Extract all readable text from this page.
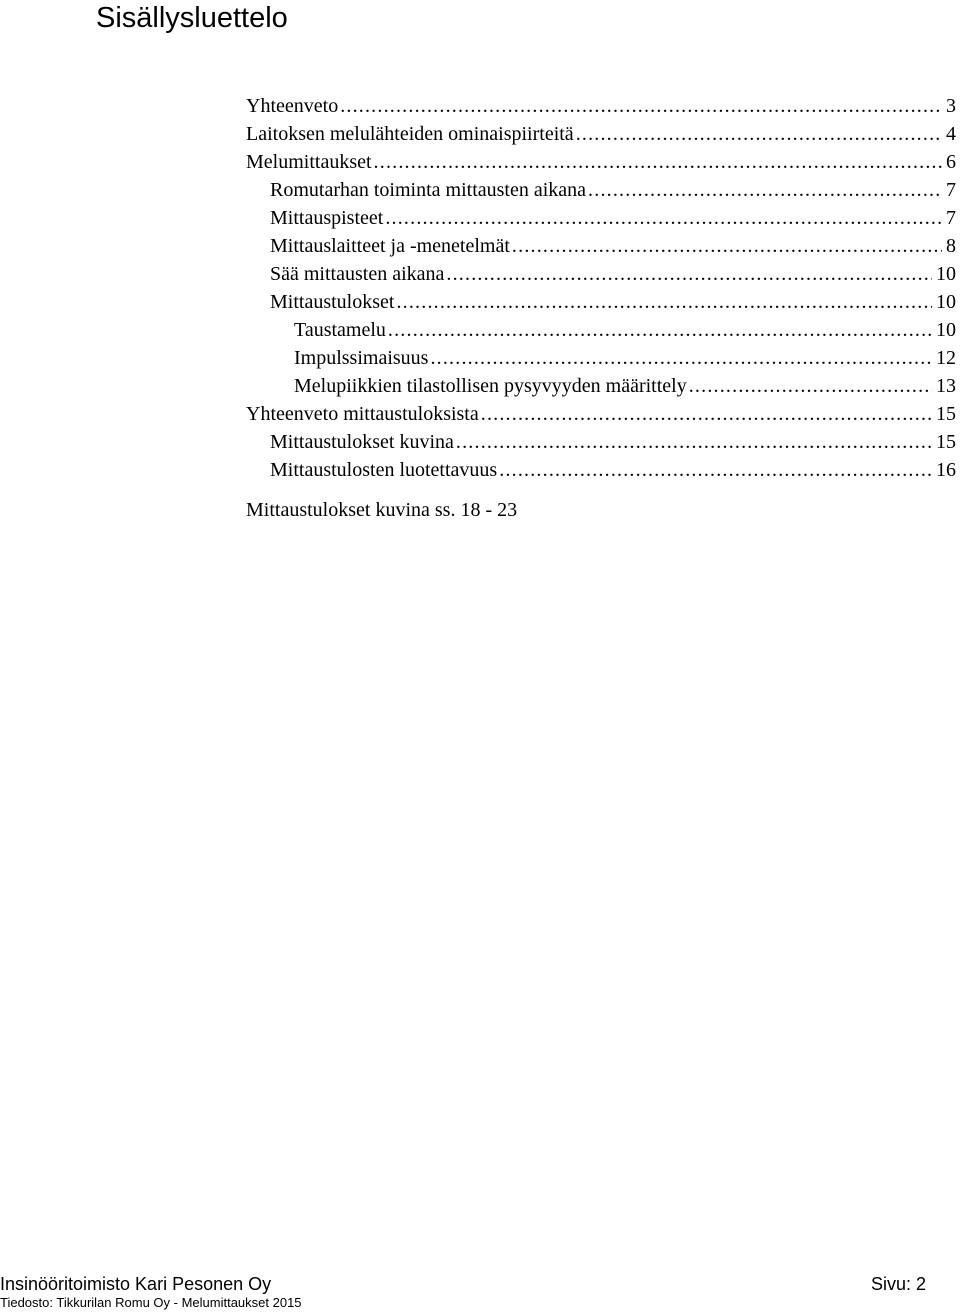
Sisällysluettelo
Yhteenveto .....	3
Laitoksen melulähteiden ominaispiirteitä .....	4
Melumittaukset .....	6
Romutarhan toiminta mittausten aikana .....	7
Mittauspisteet .....	7
Mittauslaitteet ja -menetelmät .....	8
Sää mittausten aikana .....	10
Mittaustulokset .....	10
Taustamelu .....	10
Impulssimaisuus .....	12
Melupiikkien tilastollisen pysyvyyden määrittely .....	13
Yhteenveto mittaustuloksista .....	15
Mittaustulokset kuvina .....	15
Mittaustulosten luotettavuus .....	16
Mittaustulokset kuvina ss. 18 - 23
Insinööritoimisto Kari Pesonen Oy	Sivu: 2
Tiedosto: Tikkurilan Romu Oy - Melumittaukset 2015
